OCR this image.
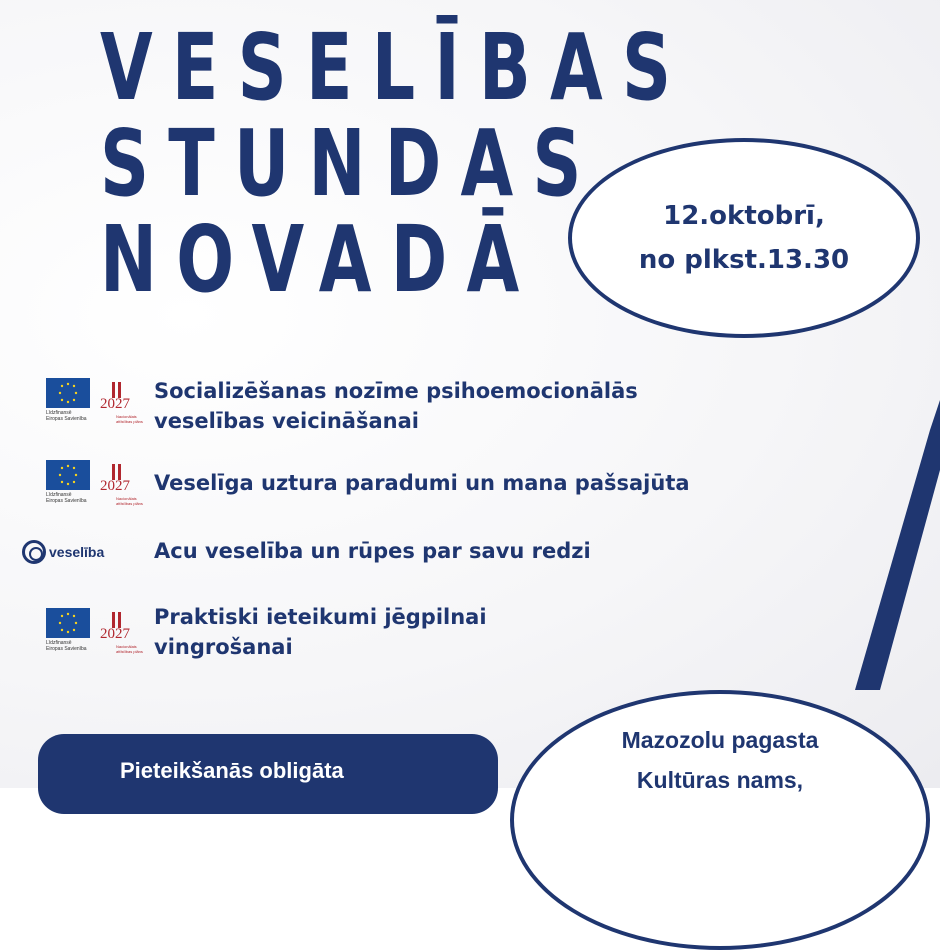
VESELĪBAS
STUNDAS
NOVADĀ	12.oktobrī,
no plkst.13.30
Līdzfinansē
Eiropas Savienība
2027
Nacionālais attīstības plāns
Socializēšanas nozīme psihoemocionālās
veselības veicināšanai
Līdzfinansē
Eiropas Savienība
2027
Nacionālais attīstības plāns
Veselīga uztura paradumi un mana pašsajūta
veselība Acu veselība un rūpes par savu redzi
Līdzfinansē
Eiropas Savienība
2027
Nacionālais attīstības plāns
Praktiski ieteikumi jēgpilnai
vingrošanai
Pieteikšanās obligāta
Mazozolu pagasta
Kultūras nams,
